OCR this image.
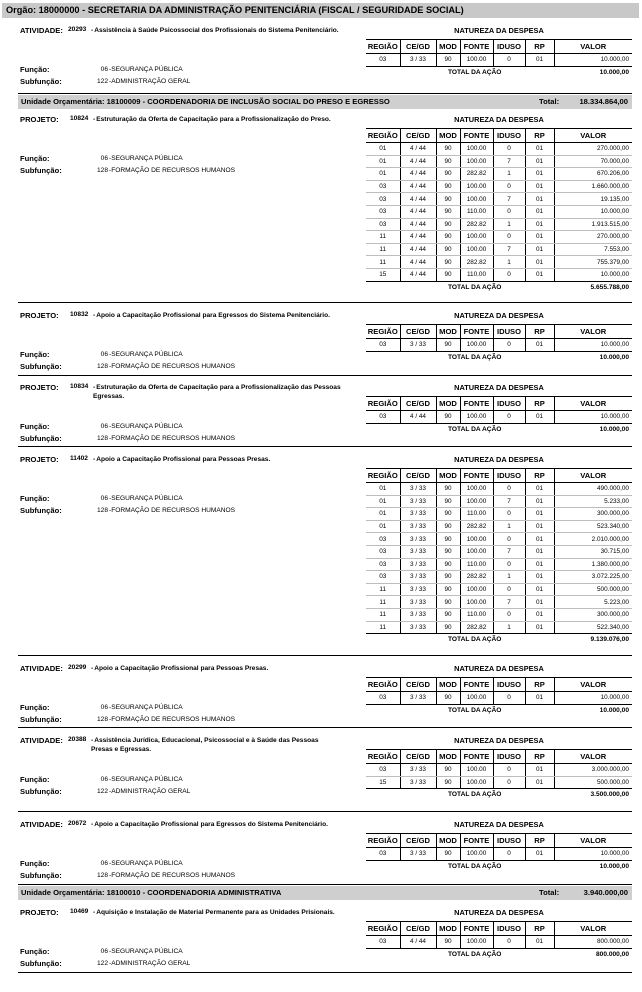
Orgão: 18000000 - SECRETARIA DA ADMINISTRAÇÃO PENITENCIÁRIA (FISCAL / SEGURIDADE SOCIAL)
Unidade Orçamentária: 18100009 - COORDENADORIA DE INCLUSÃO SOCIAL DO PRESO E EGRESSO	Total:	18.334.864,00
Unidade Orçamentária: 18100010 - COORDENADORIA ADMINISTRATIVA	Total:	3.940.000,00
ATIVIDADE: 20293 -Assistência à Saúde Psicossocial dos Profissionais do Sistema Penitenciário.
Função:	06 -SEGURANÇA PÚBLICA
Subfunção:	122 -ADMINISTRAÇÃO GERAL
NATUREZA DA DESPESA
REGIÃO	CE/GD	MOD	FONTE	IDUSO	RP	VALOR
03	3 / 33	90	100.00	0	01	10.000,00
TOTAL DA AÇÃO	10.000,00
PROJETO: 10824 -Estruturação da Oferta de Capacitação para a Profissionalização do Preso.
Função:	06 -SEGURANÇA PÚBLICA
Subfunção:	128 -FORMAÇÃO DE RECURSOS HUMANOS
NATUREZA DA DESPESA
REGIÃO	CE/GD	MOD	FONTE	IDUSO	RP	VALOR
01	4 / 44	90	100.00	0	01	270.000,00
01	4 / 44	90	100.00	7	01	70.000,00
01	4 / 44	90	282.82	1	01	670.206,00
03	4 / 44	90	100.00	0	01	1.660.000,00
03	4 / 44	90	100.00	7	01	19.135,00
03	4 / 44	90	110.00	0	01	10.000,00
03	4 / 44	90	282.82	1	01	1.913.515,00
11	4 / 44	90	100.00	0	01	270.000,00
11	4 / 44	90	100.00	7	01	7.553,00
11	4 / 44	90	282.82	1	01	755.379,00
15	4 / 44	90	110.00	0	01	10.000,00
TOTAL DA AÇÃO	5.655.788,00
PROJETO: 10832 -Apoio a Capacitação Profissional para Egressos do Sistema Penitenciário.
Função:	06 -SEGURANÇA PÚBLICA
Subfunção:	128 -FORMAÇÃO DE RECURSOS HUMANOS
NATUREZA DA DESPESA
REGIÃO	CE/GD	MOD	FONTE	IDUSO	RP	VALOR
03	3 / 33	90	100.00	0	01	10.000,00
TOTAL DA AÇÃO	10.000,00
PROJETO: 10834 -Estruturação da Oferta de Capacitação para a Profissionalização das Pessoas Egressas.
Função:	06 -SEGURANÇA PÚBLICA
Subfunção:	128 -FORMAÇÃO DE RECURSOS HUMANOS
NATUREZA DA DESPESA
REGIÃO	CE/GD	MOD	FONTE	IDUSO	RP	VALOR
03	4 / 44	90	100.00	0	01	10.000,00
TOTAL DA AÇÃO	10.000,00
PROJETO: 11402 -Apoio a Capacitação Profissional para Pessoas Presas.
Função:	06 -SEGURANÇA PÚBLICA
Subfunção:	128 -FORMAÇÃO DE RECURSOS HUMANOS
NATUREZA DA DESPESA
REGIÃO	CE/GD	MOD	FONTE	IDUSO	RP	VALOR
01	3 / 33	90	100.00	0	01	490.000,00
01	3 / 33	90	100.00	7	01	5.233,00
01	3 / 33	90	110.00	0	01	300.000,00
01	3 / 33	90	282.82	1	01	523.340,00
03	3 / 33	90	100.00	0	01	2.010.000,00
03	3 / 33	90	100.00	7	01	30.715,00
03	3 / 33	90	110.00	0	01	1.380.000,00
03	3 / 33	90	282.82	1	01	3.072.225,00
11	3 / 33	90	100.00	0	01	500.000,00
11	3 / 33	90	100.00	7	01	5.223,00
11	3 / 33	90	110.00	0	01	300.000,00
11	3 / 33	90	282.82	1	01	522.340,00
TOTAL DA AÇÃO	9.139.076,00
ATIVIDADE: 20299 -Apoio a Capacitação Profissional para Pessoas Presas.
Função:	06 -SEGURANÇA PÚBLICA
Subfunção:	128 -FORMAÇÃO DE RECURSOS HUMANOS
NATUREZA DA DESPESA
REGIÃO	CE/GD	MOD	FONTE	IDUSO	RP	VALOR
03	3 / 33	90	100.00	0	01	10.000,00
TOTAL DA AÇÃO	10.000,00
ATIVIDADE: 20388 -Assistência Jurídica, Educacional, Psicossocial e à Saúde das Pessoas Presas e Egressas.
Função:	06 -SEGURANÇA PÚBLICA
Subfunção:	122 -ADMINISTRAÇÃO GERAL
NATUREZA DA DESPESA
REGIÃO	CE/GD	MOD	FONTE	IDUSO	RP	VALOR
03	3 / 33	90	100.00	0	01	3.000.000,00
15	3 / 33	90	100.00	0	01	500.000,00
TOTAL DA AÇÃO	3.500.000,00
ATIVIDADE: 20672 -Apoio a Capacitação Profissional para Egressos do Sistema Penitenciário.
Função:	06 -SEGURANÇA PÚBLICA
Subfunção:	128 -FORMAÇÃO DE RECURSOS HUMANOS
NATUREZA DA DESPESA
REGIÃO	CE/GD	MOD	FONTE	IDUSO	RP	VALOR
03	3 / 33	90	100.00	0	01	10.000,00
TOTAL DA AÇÃO	10.000,00
PROJETO: 10469 -Aquisição e Instalação de Material Permanente para as Unidades Prisionais.
Função:	06 -SEGURANÇA PÚBLICA
Subfunção:	122 -ADMINISTRAÇÃO GERAL
NATUREZA DA DESPESA
REGIÃO	CE/GD	MOD	FONTE	IDUSO	RP	VALOR
03	4 / 44	90	100.00	0	01	800.000,00
TOTAL DA AÇÃO	800.000,00
